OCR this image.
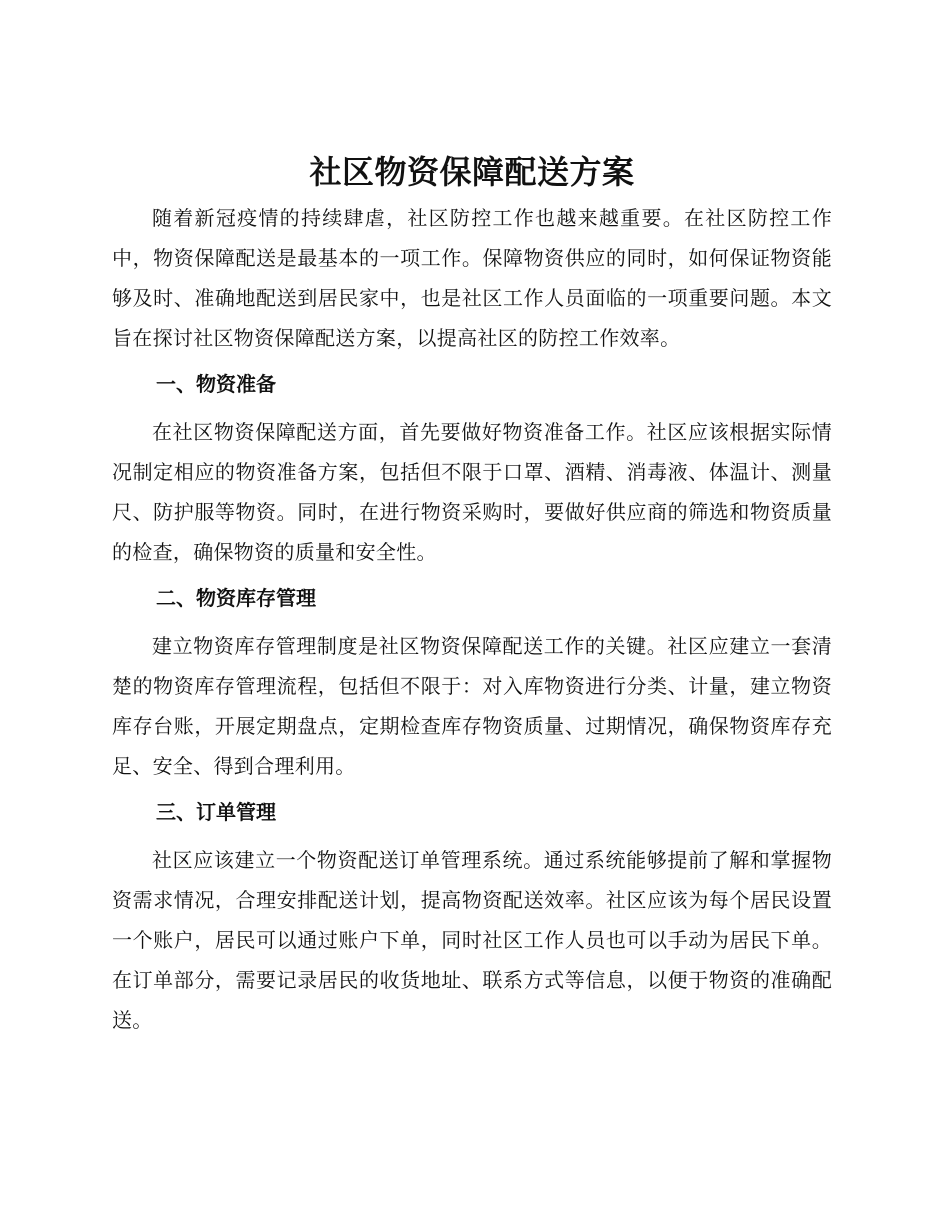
社区物资保障配送方案

随着新冠疫情的持续肆虐，社区防控工作也越来越重要。在社区防控工作中，物资保障配送是最基本的一项工作。保障物资供应的同时，如何保证物资能够及时、准确地配送到居民家中，也是社区工作人员面临的一项重要问题。本文旨在探讨社区物资保障配送方案，以提高社区的防控工作效率。

一、物资准备

在社区物资保障配送方面，首先要做好物资准备工作。社区应该根据实际情况制定相应的物资准备方案，包括但不限于口罩、酒精、消毒液、体温计、测量尺、防护服等物资。同时，在进行物资采购时，要做好供应商的筛选和物资质量的检查，确保物资的质量和安全性。

二、物资库存管理

建立物资库存管理制度是社区物资保障配送工作的关键。社区应建立一套清楚的物资库存管理流程，包括但不限于：对入库物资进行分类、计量，建立物资库存台账，开展定期盘点，定期检查库存物资质量、过期情况，确保物资库存充足、安全、得到合理利用。

三、订单管理

社区应该建立一个物资配送订单管理系统。通过系统能够提前了解和掌握物资需求情况，合理安排配送计划，提高物资配送效率。社区应该为每个居民设置一个账户，居民可以通过账户下单，同时社区工作人员也可以手动为居民下单。在订单部分，需要记录居民的收货地址、联系方式等信息，以便于物资的准确配送。
